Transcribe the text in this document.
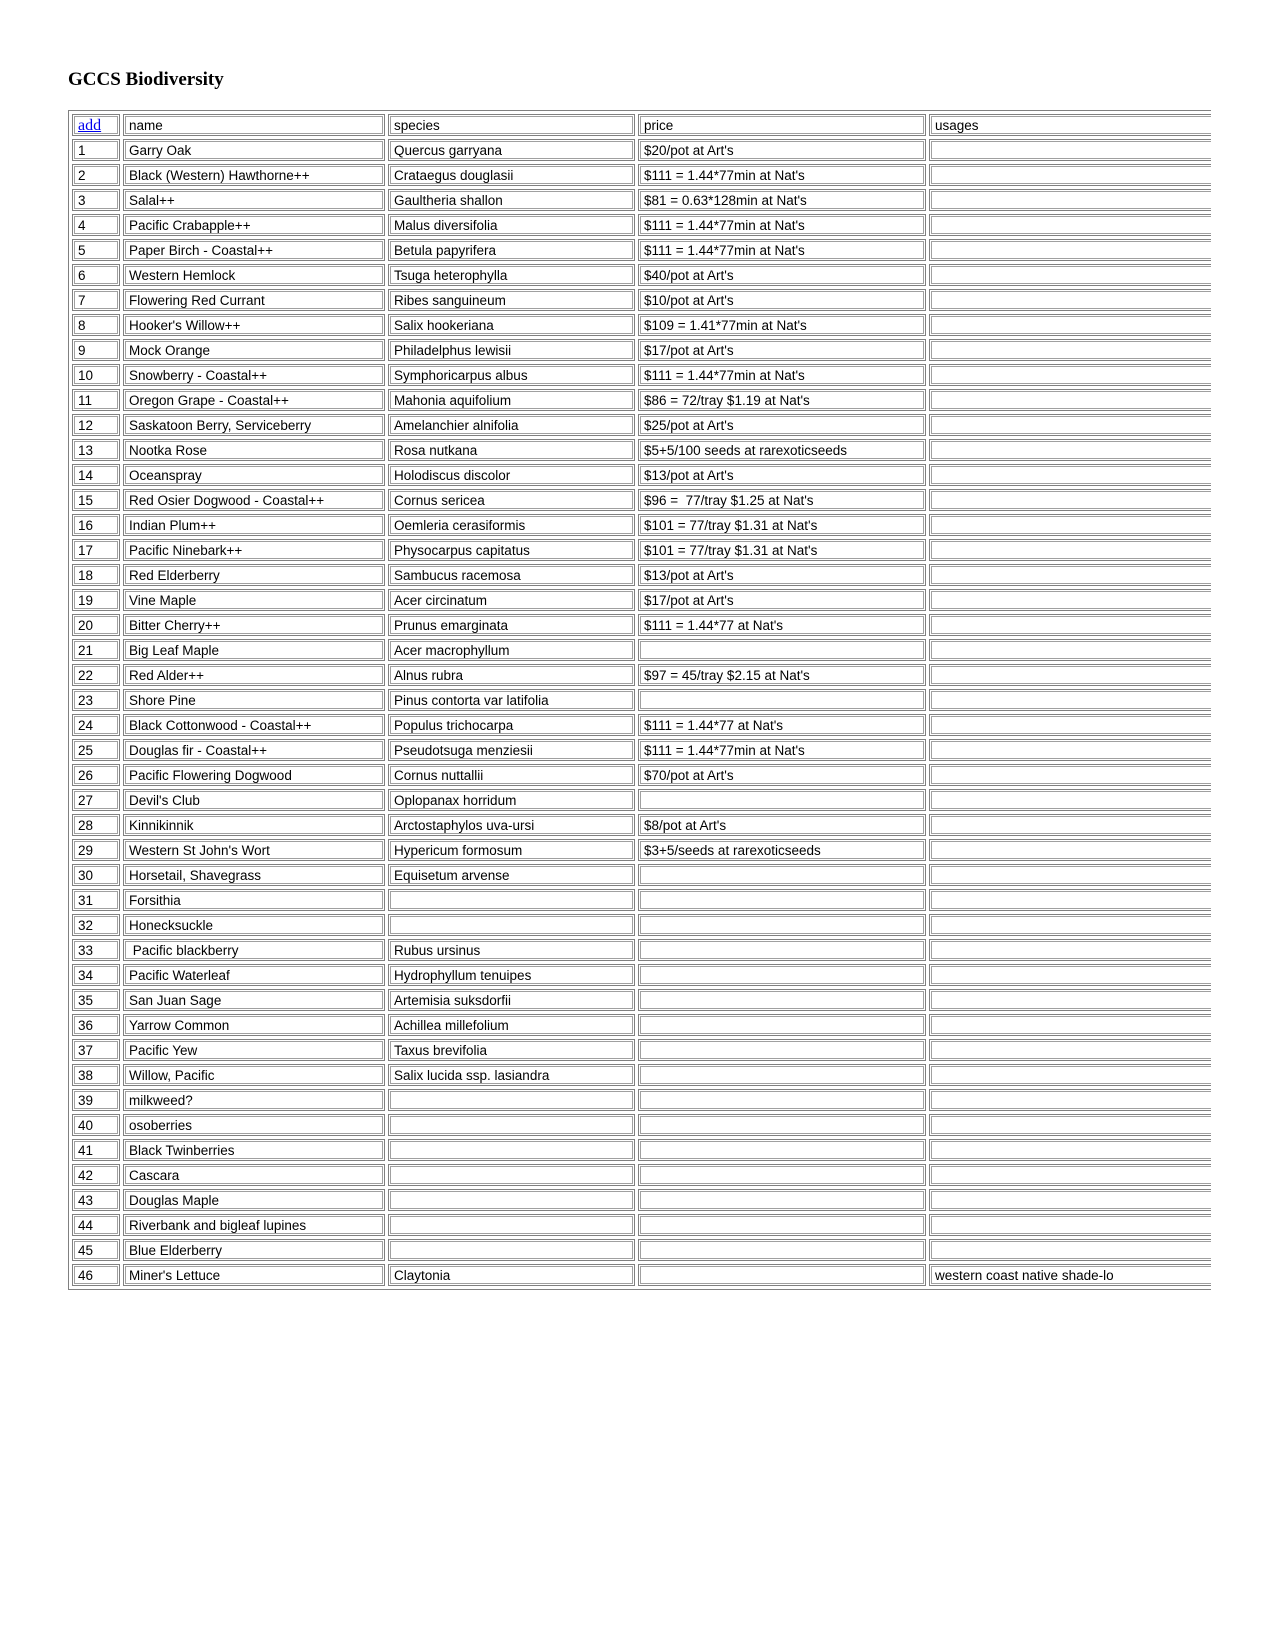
GCCS Biodiversity
add	name	species	price	usages
1	Garry Oak	Quercus garryana	$20/pot at Art's	
2	Black (Western) Hawthorne++	Crataegus douglasii	$111 = 1.44*77min at Nat's	
3	Salal++	Gaultheria shallon	$81 = 0.63*128min at Nat's	
4	Pacific Crabapple++	Malus diversifolia	$111 = 1.44*77min at Nat's	
5	Paper Birch - Coastal++	Betula papyrifera	$111 = 1.44*77min at Nat's	
6	Western Hemlock	Tsuga heterophylla	$40/pot at Art's	
7	Flowering Red Currant	Ribes sanguineum	$10/pot at Art's	
8	Hooker's Willow++	Salix hookeriana	$109 = 1.41*77min at Nat's	
9	Mock Orange	Philadelphus lewisii	$17/pot at Art's	
10	Snowberry - Coastal++	Symphoricarpus albus	$111 = 1.44*77min at Nat's	
11	Oregon Grape - Coastal++	Mahonia aquifolium	$86 = 72/tray $1.19 at Nat's	
12	Saskatoon Berry, Serviceberry	Amelanchier alnifolia	$25/pot at Art's	
13	Nootka Rose	Rosa nutkana	$5+5/100 seeds at rarexoticseeds	
14	Oceanspray	Holodiscus discolor	$13/pot at Art's	
15	Red Osier Dogwood - Coastal++	Cornus sericea	$96 =  77/tray $1.25 at Nat's	
16	Indian Plum++	Oemleria cerasiformis	$101 = 77/tray $1.31 at Nat's	
17	Pacific Ninebark++	Physocarpus capitatus	$101 = 77/tray $1.31 at Nat's	
18	Red Elderberry	Sambucus racemosa	$13/pot at Art's	
19	Vine Maple	Acer circinatum	$17/pot at Art's	
20	Bitter Cherry++	Prunus emarginata	$111 = 1.44*77 at Nat's	
21	Big Leaf Maple	Acer macrophyllum		
22	Red Alder++	Alnus rubra	$97 = 45/tray $2.15 at Nat's	
23	Shore Pine	Pinus contorta var latifolia		
24	Black Cottonwood - Coastal++	Populus trichocarpa	$111 = 1.44*77 at Nat's	
25	Douglas fir - Coastal++	Pseudotsuga menziesii	$111 = 1.44*77min at Nat's	
26	Pacific Flowering Dogwood	Cornus nuttallii	$70/pot at Art's	
27	Devil's Club	Oplopanax horridum		
28	Kinnikinnik	Arctostaphylos uva-ursi	$8/pot at Art's	
29	Western St John's Wort	Hypericum formosum	$3+5/seeds at rarexoticseeds	
30	Horsetail, Shavegrass	Equisetum arvense		
31	Forsithia			
32	Honecksuckle			
33	Pacific blackberry	Rubus ursinus		
34	Pacific Waterleaf	Hydrophyllum tenuipes		
35	San Juan Sage	Artemisia suksdorfii		
36	Yarrow Common	Achillea millefolium		
37	Pacific Yew	Taxus brevifolia		
38	Willow, Pacific	Salix lucida ssp. lasiandra		
39	milkweed?			
40	osoberries			
41	Black Twinberries			
42	Cascara			
43	Douglas Maple			
44	Riverbank and bigleaf lupines			
45	Blue Elderberry			
46	Miner's Lettuce	Claytonia		western coast native shade-lo
